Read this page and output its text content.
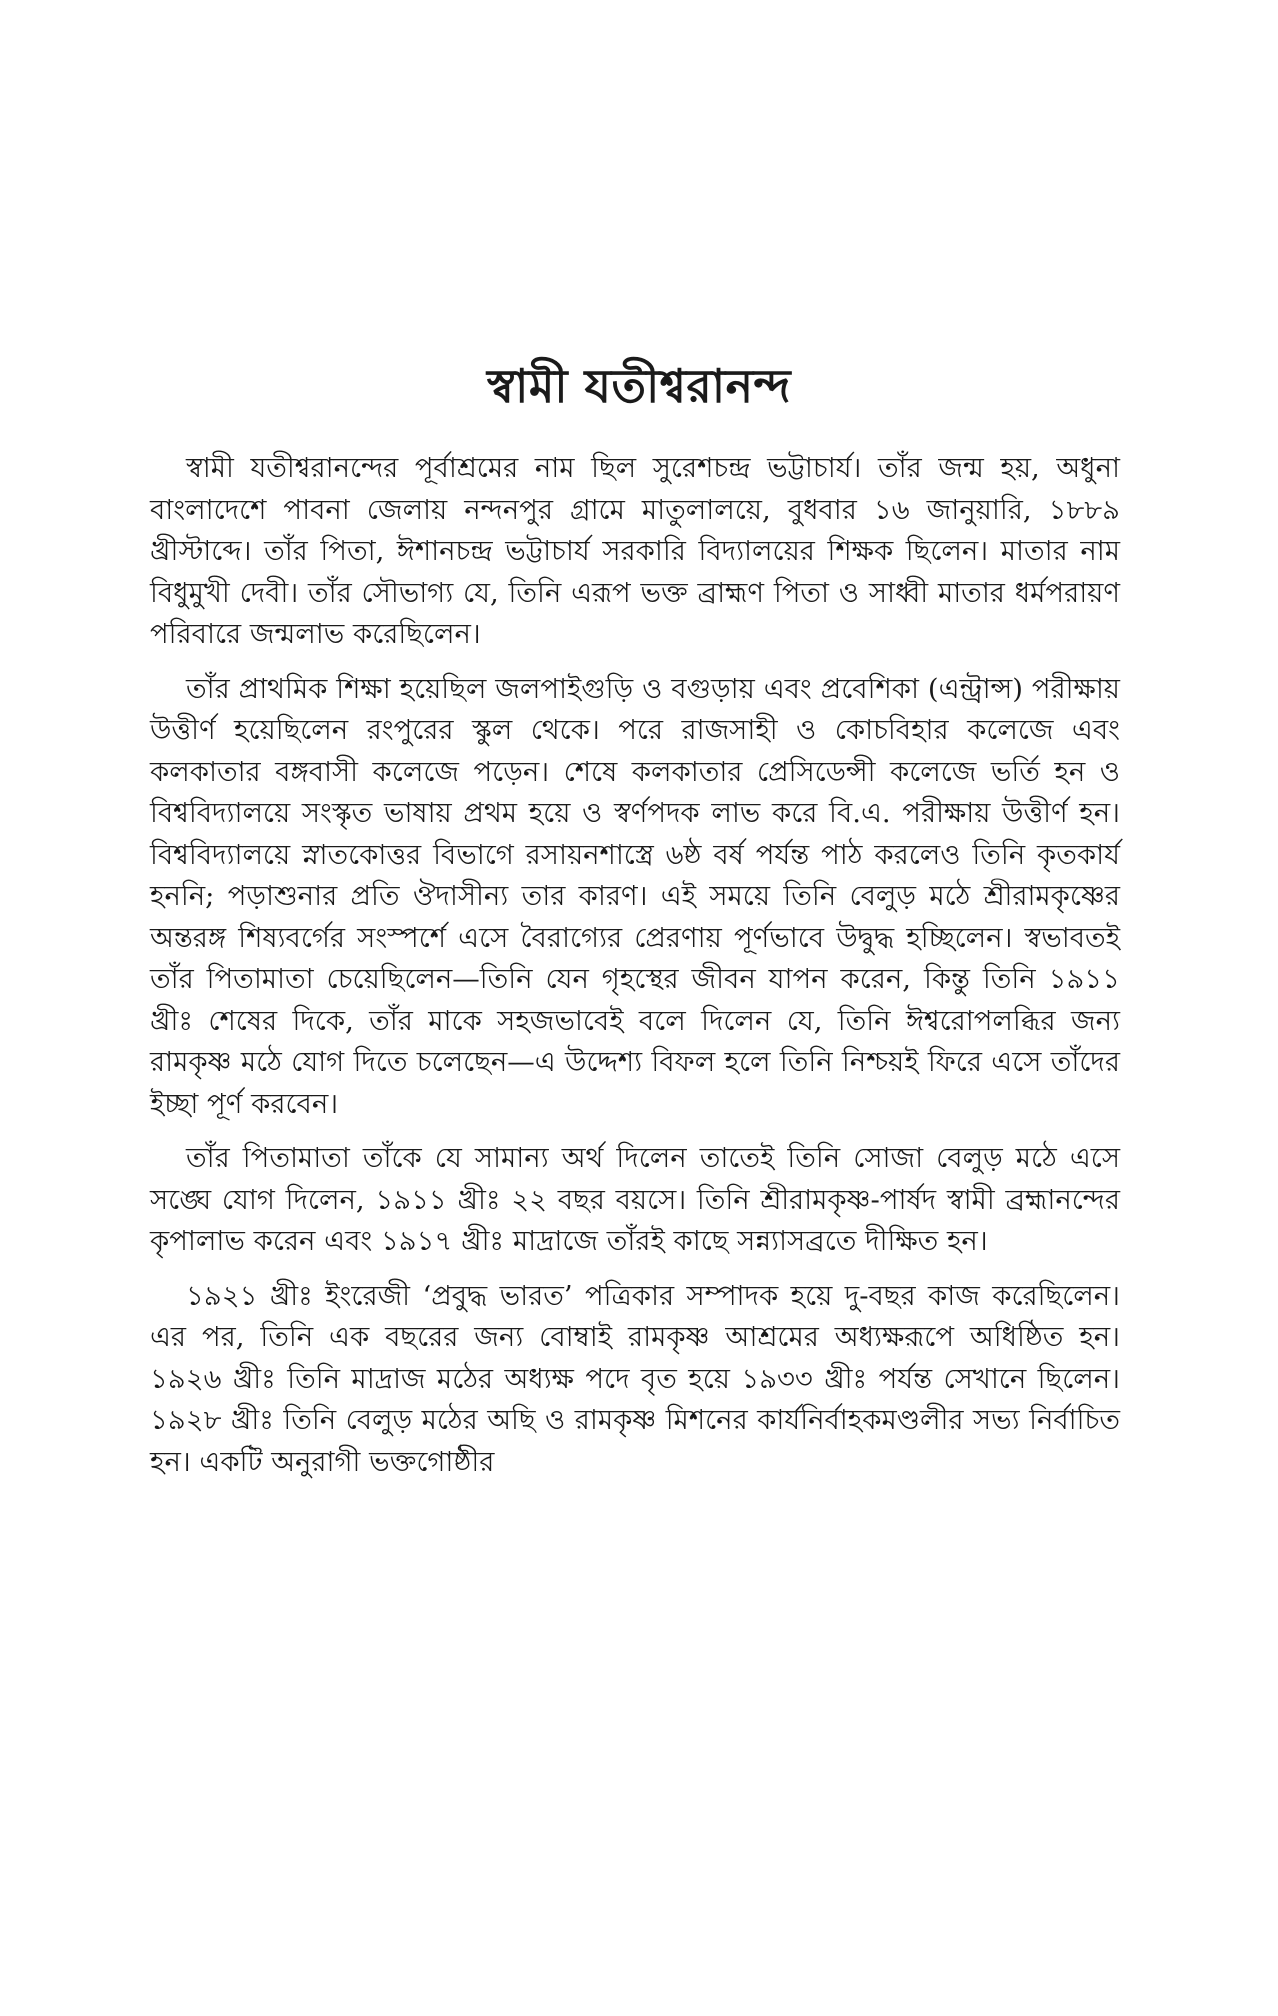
স্বামী যতীশ্বরানন্দ

স্বামী যতীশ্বরানন্দের পূর্বাশ্রমের নাম ছিল সুরেশচন্দ্র ভট্টাচার্য। তাঁর জন্ম হয়, অধুনা বাংলাদেশে পাবনা জেলায় নন্দনপুর গ্রামে মাতুলালয়ে, বুধবার ১৬ জানুয়ারি, ১৮৮৯ খ্রীস্টাব্দে। তাঁর পিতা, ঈশানচন্দ্র ভট্টাচার্য সরকারি বিদ্যালয়ের শিক্ষক ছিলেন। মাতার নাম বিধুমুখী দেবী। তাঁর সৌভাগ্য যে, তিনি এরূপ ভক্ত ব্রাহ্মণ পিতা ও সাধ্বী মাতার ধর্মপরায়ণ পরিবারে জন্মলাভ করেছিলেন।

তাঁর প্রাথমিক শিক্ষা হয়েছিল জলপাইগুড়ি ও বগুড়ায় এবং প্রবেশিকা (এন্ট্রান্স) পরীক্ষায় উত্তীর্ণ হয়েছিলেন রংপুরের স্কুল থেকে। পরে রাজসাহী ও কোচবিহার কলেজে এবং কলকাতার বঙ্গবাসী কলেজে পড়েন। শেষে কলকাতার প্রেসিডেন্সী কলেজে ভর্তি হন ও বিশ্ববিদ্যালয়ে সংস্কৃত ভাষায় প্রথম হয়ে ও স্বর্ণপদক লাভ করে বি.এ. পরীক্ষায় উত্তীর্ণ হন। বিশ্ববিদ্যালয়ে স্নাতকোত্তর বিভাগে রসায়নশাস্ত্রে ৬ষ্ঠ বর্ষ পর্যন্ত পাঠ করলেও তিনি কৃতকার্য হননি; পড়াশুনার প্রতি ঔদাসীন্য তার কারণ। এই সময়ে তিনি বেলুড় মঠে শ্রীরামকৃষ্ণের অন্তরঙ্গ শিষ্যবর্গের সংস্পর্শে এসে বৈরাগ্যের প্রেরণায় পূর্ণভাবে উদ্বুদ্ধ হচ্ছিলেন। স্বভাবতই তাঁর পিতামাতা চেয়েছিলেন—তিনি যেন গৃহস্থের জীবন যাপন করেন, কিন্তু তিনি ১৯১১ খ্রীঃ শেষের দিকে, তাঁর মাকে সহজভাবেই বলে দিলেন যে, তিনি ঈশ্বরোপলব্ধির জন্য রামকৃষ্ণ মঠে যোগ দিতে চলেছেন—এ উদ্দেশ্য বিফল হলে তিনি নিশ্চয়ই ফিরে এসে তাঁদের ইচ্ছা পূর্ণ করবেন।

তাঁর পিতামাতা তাঁকে যে সামান্য অর্থ দিলেন তাতেই তিনি সোজা বেলুড় মঠে এসে সঙ্ঘে যোগ দিলেন, ১৯১১ খ্রীঃ ২২ বছর বয়সে। তিনি শ্রীরামকৃষ্ণ-পার্ষদ স্বামী ব্রহ্মানন্দের কৃপালাভ করেন এবং ১৯১৭ খ্রীঃ মাদ্রাজে তাঁরই কাছে সন্ন্যাসব্রতে দীক্ষিত হন।

১৯২১ খ্রীঃ ইংরেজী ‘প্রবুদ্ধ ভারত’ পত্রিকার সম্পাদক হয়ে দু-বছর কাজ করেছিলেন। এর পর, তিনি এক বছরের জন্য বোম্বাই রামকৃষ্ণ আশ্রমের অধ্যক্ষরূপে অধিষ্ঠিত হন। ১৯২৬ খ্রীঃ তিনি মাদ্রাজ মঠের অধ্যক্ষ পদে বৃত হয়ে ১৯৩৩ খ্রীঃ পর্যন্ত সেখানে ছিলেন। ১৯২৮ খ্রীঃ তিনি বেলুড় মঠের অছি ও রামকৃষ্ণ মিশনের কার্যনির্বাহকমণ্ডলীর সভ্য নির্বাচিত হন। একটি অনুরাগী ভক্তগোষ্ঠীর
